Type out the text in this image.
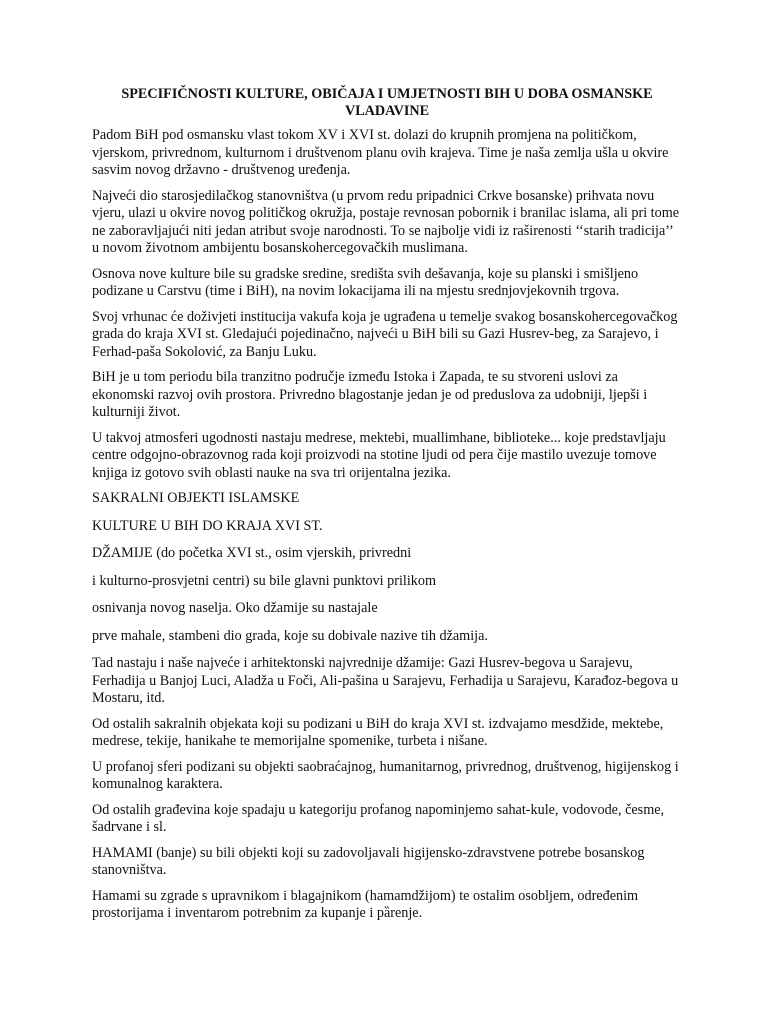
SPECIFIČNOSTI KULTURE, OBIČAJA I UMJETNOSTI BIH U DOBA OSMANSKE VLADAVINE

Padom BiH pod osmansku vlast tokom XV i XVI st. dolazi do krupnih promjena na političkom, vjerskom, privrednom, kulturnom i društvenom planu ovih krajeva. Time je naša zemlja ušla u okvire sasvim novog državno - društvenog uređenja.

Najveći dio starosjedilačkog stanovništva (u prvom redu pripadnici Crkve bosanske) prihvata novu vjeru, ulazi u okvire novog političkog okružja, postaje revnosan pobornik i branilac islama, ali pri tome ne zaboravljajući niti jedan atribut svoje narodnosti. To se najbolje vidi iz raširenosti ‘‘starih tradicija’’ u novom životnom ambijentu bosanskohercegovačkih muslimana.

Osnova nove kulture bile su gradske sredine, središta svih dešavanja, koje su planski i smišljeno podizane u Carstvu (time i BiH), na novim lokacijama ili na mjestu srednjovjekovnih trgova.

Svoj vrhunac će doživjeti institucija vakufa koja je ugrađena u temelje svakog bosanskohercegovačkog grada do kraja XVI st. Gledajući pojedinačno, najveći u BiH bili su Gazi Husrev-beg, za Sarajevo, i Ferhad-paša Sokolović, za Banju Luku.

BiH je u tom periodu bila tranzitno područje između Istoka i Zapada, te su stvoreni uslovi za ekonomski razvoj ovih prostora. Privredno blagostanje jedan je od preduslova za udobniji, ljepši i kulturniji život.

U takvoj atmosferi ugodnosti nastaju medrese, mektebi, muallimhane, biblioteke... koje predstavljaju centre odgojno-obrazovnog rada koji proizvodi na stotine ljudi od pera čije mastilo uvezuje tomove knjiga iz gotovo svih oblasti nauke na sva tri orijentalna jezika.

SAKRALNI OBJEKTI ISLAMSKE

KULTURE U BIH DO KRAJA XVI ST.

DŽAMIJE (do početka XVI st., osim vjerskih, privredni

i kulturno-prosvjetni centri) su bile glavni punktovi prilikom

osnivanja novog naselja. Oko džamije su nastajale

prve mahale, stambeni dio grada, koje su dobivale nazive tih džamija.

Tad nastaju i naše najveće i arhitektonski najvrednije džamije: Gazi Husrev-begova u Sarajevu, Ferhadija u Banjoj Luci, Aladža u Foči, Ali-pašina u Sarajevu, Ferhadija u Sarajevu, Karađoz-begova u Mostaru, itd.

Od ostalih sakralnih objekata koji su podizani u BiH do kraja XVI st. izdvajamo mesdžide, mektebe, medrese, tekije, hanikahe te memorijalne spomenike, turbeta i nišane.

U profanoj sferi podizani su objekti saobraćajnog, humanitarnog, privrednog, društvenog, higijenskog i komunalnog karaktera.

Od ostalih građevina koje spadaju u kategoriju profanog napominjemo sahat-kule, vodovode, česme, šadrvane i sl.

HAMAMI (banje) su bili objekti koji su zadovoljavali higijensko-zdravstvene potrebe bosanskog stanovništva.

Hamami su zgrade s upravnikom i blagajnikom (hamamdžijom) te ostalim osobljem, određenim prostorijama i inventarom potrebnim za kupanje i pȁrenje.
